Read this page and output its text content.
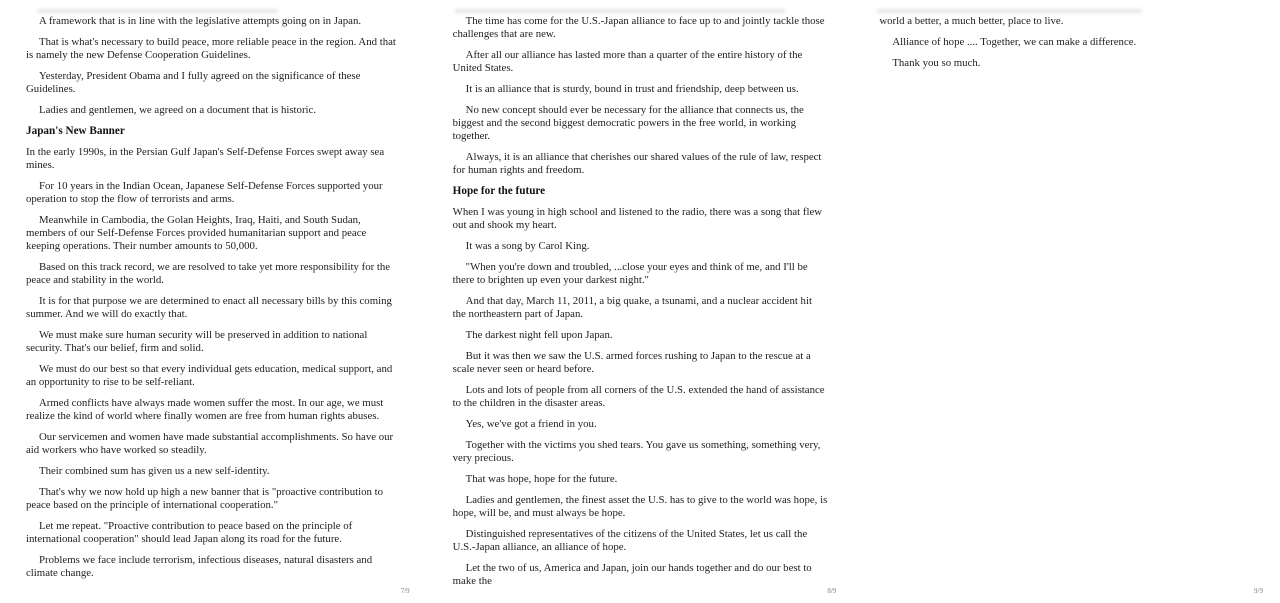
A framework that is in line with the legislative attempts going on in Japan.

That is what's necessary to build peace, more reliable peace in the region. And that is namely the new Defense Cooperation Guidelines.

Yesterday, President Obama and I fully agreed on the significance of these Guidelines.

Ladies and gentlemen, we agreed on a document that is historic.

Japan's New Banner

In the early 1990s, in the Persian Gulf Japan's Self-Defense Forces swept away sea mines.

For 10 years in the Indian Ocean, Japanese Self-Defense Forces supported your operation to stop the flow of terrorists and arms.

Meanwhile in Cambodia, the Golan Heights, Iraq, Haiti, and South Sudan, members of our Self-Defense Forces provided humanitarian support and peace keeping operations. Their number amounts to 50,000.

Based on this track record, we are resolved to take yet more responsibility for the peace and stability in the world.

It is for that purpose we are determined to enact all necessary bills by this coming summer. And we will do exactly that.

We must make sure human security will be preserved in addition to national security. That's our belief, firm and solid.

We must do our best so that every individual gets education, medical support, and an opportunity to rise to be self-reliant.

Armed conflicts have always made women suffer the most. In our age, we must realize the kind of world where finally women are free from human rights abuses.

Our servicemen and women have made substantial accomplishments. So have our aid workers who have worked so steadily.

Their combined sum has given us a new self-identity.

That's why we now hold up high a new banner that is "proactive contribution to peace based on the principle of international cooperation."

Let me repeat. "Proactive contribution to peace based on the principle of international cooperation" should lead Japan along its road for the future.

Problems we face include terrorism, infectious diseases, natural disasters and climate change.

7/9

The time has come for the U.S.-Japan alliance to face up to and jointly tackle those challenges that are new.

After all our alliance has lasted more than a quarter of the entire history of the United States.

It is an alliance that is sturdy, bound in trust and friendship, deep between us.

No new concept should ever be necessary for the alliance that connects us, the biggest and the second biggest democratic powers in the free world, in working together.

Always, it is an alliance that cherishes our shared values of the rule of law, respect for human rights and freedom.

Hope for the future

When I was young in high school and listened to the radio, there was a song that flew out and shook my heart.

It was a song by Carol King.

"When you're down and troubled, ...close your eyes and think of me, and I'll be there to brighten up even your darkest night."

And that day, March 11, 2011, a big quake, a tsunami, and a nuclear accident hit the northeastern part of Japan.

The darkest night fell upon Japan.

But it was then we saw the U.S. armed forces rushing to Japan to the rescue at a scale never seen or heard before.

Lots and lots of people from all corners of the U.S. extended the hand of assistance to the children in the disaster areas.

Yes, we've got a friend in you.

Together with the victims you shed tears. You gave us something, something very, very precious.

That was hope, hope for the future.

Ladies and gentlemen, the finest asset the U.S. has to give to the world was hope, is hope, will be, and must always be hope.

Distinguished representatives of the citizens of the United States, let us call the U.S.-Japan alliance, an alliance of hope.

Let the two of us, America and Japan, join our hands together and do our best to make the

8/9

world a better, a much better, place to live.

Alliance of hope .... Together, we can make a difference.

Thank you so much.

9/9
